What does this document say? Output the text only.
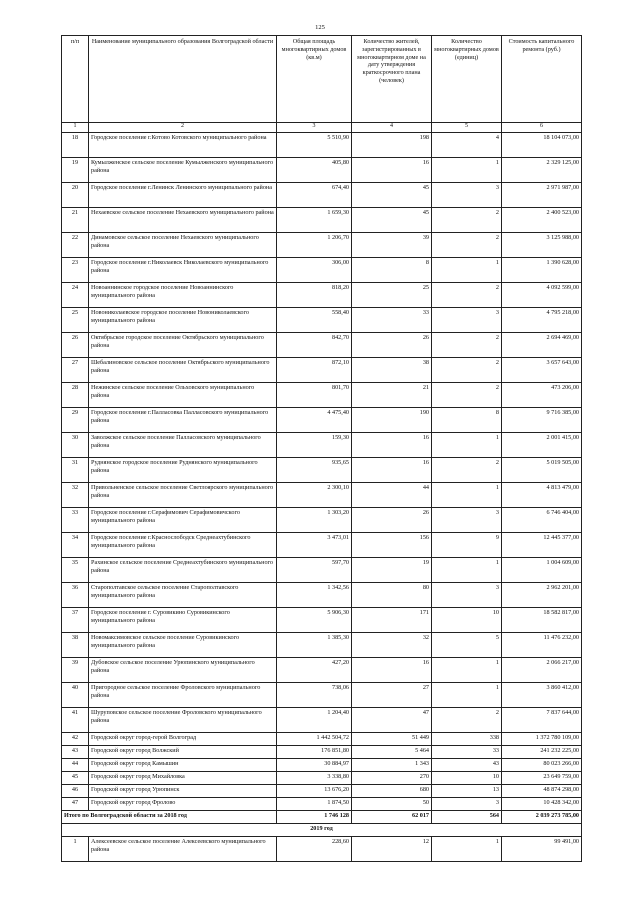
125
п/п	Наименование муниципального образования Волгоградской области	Общая площадь многоквартирных домов (кв.м)	Количество жителей, зарегистрированных в многоквартирном доме на дату утверждения краткосрочного плана (человек)	Количество многоквартирных домов (единиц)	Стоимость капитального ремонта (руб.)
1	2	3	4	5	6
18	Городское поселение г.Котово Котовского муниципального района	5 510,90	198	4	18 104 073,00
19	Кумылженское сельское поселение Кумылженского муниципального района	405,80	16	1	2 329 125,00
20	Городское поселение г.Ленинск Ленинского муниципального района	674,40	45	3	2 971 987,00
21	Нехаевское сельское поселение Нехаевского муниципального района	1 659,30	45	2	2 400 523,00
22	Динамовское сельское поселение Нехаевского муниципального района	1 206,70	39	2	3 125 988,00
23	Городское поселение г.Николаевск Николаевского муниципального района	306,00	8	1	1 390 628,00
24	Новоаннинское городское поселение Новоаннинского муниципального района	818,20	25	2	4 092 599,00
25	Новониколаевское городское поселение Новониколаевского муниципального района	558,40	33	3	4 795 218,00
26	Октябрьское городское поселение Октябрьского муниципального района	842,70	26	2	2 694 469,00
27	Шебалиновское сельское поселение Октябрьского муниципального района	872,10	38	2	3 657 643,00
28	Нежинское сельское поселение Ольховского муниципального района	801,70	21	2	473 206,00
29	Городское поселение г.Палласовка Палласовского муниципального района	4 475,40	190	8	9 716 385,00
30	Заволжское сельское поселение Палласовского муниципального района	159,30	16	1	2 001 415,00
31	Руднянское городское поселение Руднянского муниципального района	935,65	16	2	5 019 505,00
32	Привольненское сельское поселение Светлоярского муниципального района	2 300,10	44	1	4 813 479,00
33	Городское поселение г.Серафимович Серафимовичского муниципального района	1 303,20	26	3	6 746 404,00
34	Городское поселение г.Краснослободск Среднеахтубинского муниципального района	3 473,01	156	9	12 445 377,00
35	Рахинское сельское поселение Среднеахтубинского муниципального района	597,70	19	1	1 004 609,00
36	Старополтавское сельское поселение Старополтавского муниципального района	1 342,56	80	3	2 962 201,00
37	Городское поселение г. Суровикино Суровикинского муниципального района	5 906,30	171	10	18 582 817,00
38	Новомаксимовское сельское поселение Суровикинского муниципального района	1 385,30	32	5	11 476 232,00
39	Дубовское сельское поселение Урюпинского муниципального района	427,20	16	1	2 066 217,00
40	Пригородное сельское поселение Фроловского муниципального района	738,06	27	1	3 860 412,00
41	Шуруповское сельское поселение Фроловского муниципального района	1 204,40	47	2	7 837 644,00
42	Городской округ город-герой Волгоград	1 442 504,72	51 449	338	1 372 780 109,00
43	Городской округ город Волжский	176 851,80	5 464	33	241 232 225,00
44	Городской округ город Камышин	30 884,97	1 343	43	80 023 266,00
45	Городской округ город Михайловка	3 338,80	270	10	23 649 759,00
46	Городской округ город Урюпинск	13 676,20	680	13	48 874 298,00
47	Городской округ город Фролово	1 874,50	50	3	10 428 342,00
Итого по Волгоградской области за 2018 год		1 746 128	62 017	564	2 039 273 785,00
2019 год					
1	Алексеевское сельское поселение Алексеевского муниципального района	228,60	12	1	99 491,00
